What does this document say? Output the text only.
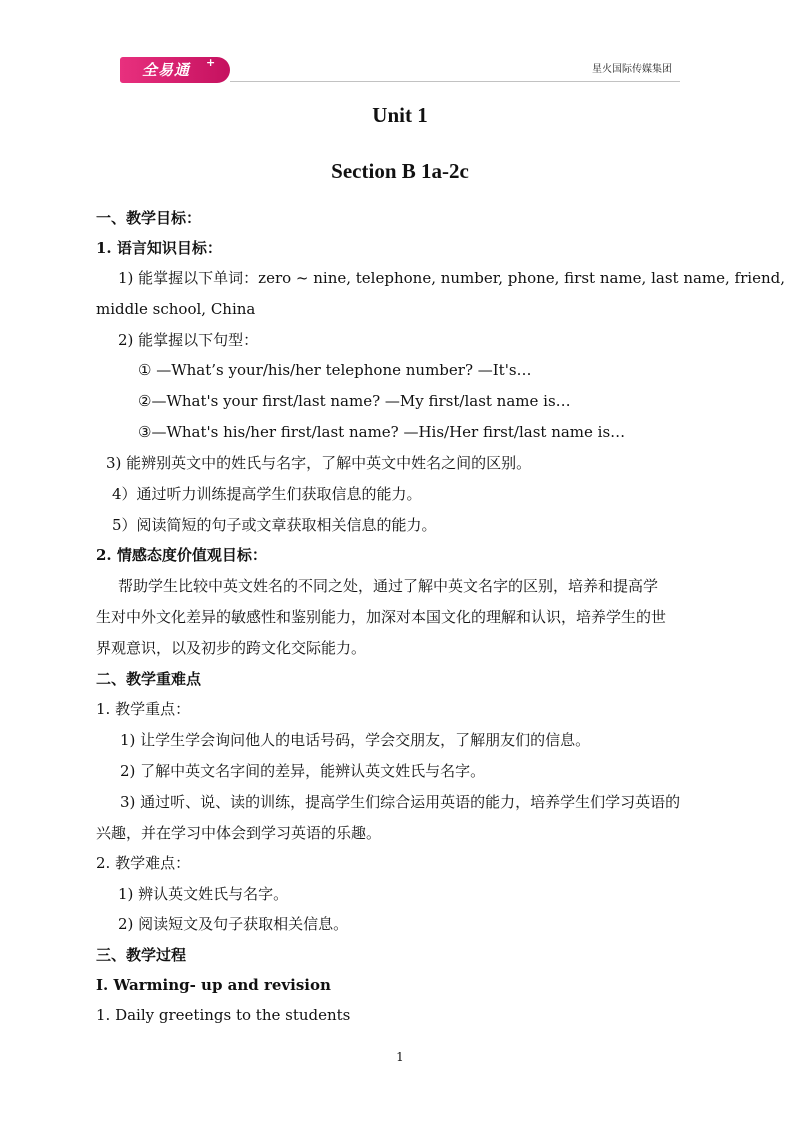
全易通 +
星火国际传媒集团
Unit 1
Section B 1a-2c
一、教学目标：
1. 语言知识目标：
1) 能掌握以下单词：zero ~ nine, telephone, number, phone, first name, last name, friend,
middle school, China
2) 能掌握以下句型：
① —What’s your/his/her telephone number? —It's…
②—What's your first/last name? —My first/last name is…
③—What's his/her first/last name? —His/Her first/last name is…
3) 能辨别英文中的姓氏与名字，了解中英文中姓名之间的区别。
4）通过听力训练提高学生们获取信息的能力。
5）阅读简短的句子或文章获取相关信息的能力。
2. 情感态度价值观目标：
帮助学生比较中英文姓名的不同之处，通过了解中英文名字的区别，培养和提高学
生对中外文化差异的敏感性和鉴别能力，加深对本国文化的理解和认识，培养学生的世
界观意识，以及初步的跨文化交际能力。
二、教学重难点
1. 教学重点：
1) 让学生学会询问他人的电话号码，学会交朋友，了解朋友们的信息。
2) 了解中英文名字间的差异，能辨认英文姓氏与名字。
3) 通过听、说、读的训练，提高学生们综合运用英语的能力，培养学生们学习英语的
兴趣，并在学习中体会到学习英语的乐趣。
2. 教学难点：
1) 辨认英文姓氏与名字。
2) 阅读短文及句子获取相关信息。
三、教学过程
Ⅰ. Warming- up and revision
1. Daily greetings to the students
1
